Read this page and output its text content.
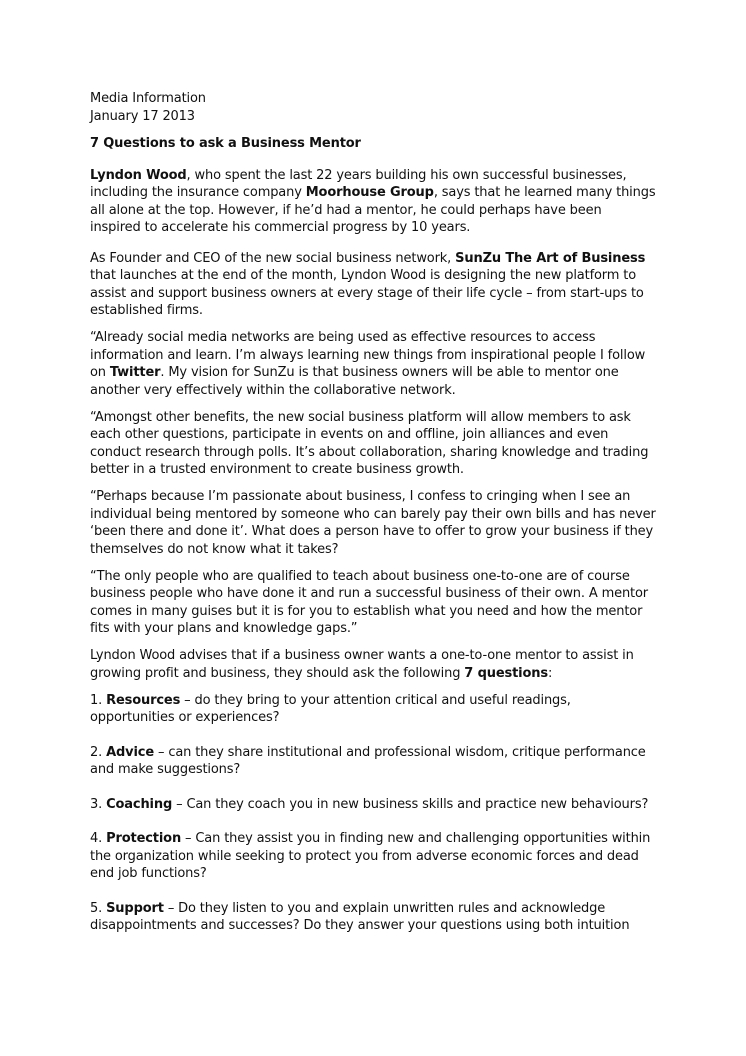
Media Information

January 17 2013

7 Questions to ask a Business Mentor

Lyndon Wood, who spent the last 22 years building his own successful businesses, including the insurance company Moorhouse Group, says that he learned many things all alone at the top. However, if he’d had a mentor, he could perhaps have been inspired to accelerate his commercial progress by 10 years.

As Founder and CEO of the new social business network, SunZu The Art of Business that launches at the end of the month, Lyndon Wood is designing the new platform to assist and support business owners at every stage of their life cycle – from start-ups to established firms.

“Already social media networks are being used as effective resources to access information and learn. I’m always learning new things from inspirational people I follow on Twitter. My vision for SunZu is that business owners will be able to mentor one another very effectively within the collaborative network.

“Amongst other benefits, the new social business platform will allow members to ask each other questions, participate in events on and offline, join alliances and even conduct research through polls. It’s about collaboration, sharing knowledge and trading better in a trusted environment to create business growth.

“Perhaps because I’m passionate about business, I confess to cringing when I see an individual being mentored by someone who can barely pay their own bills and has never ‘been there and done it’. What does a person have to offer to grow your business if they themselves do not know what it takes?

“The only people who are qualified to teach about business one-to-one are of course business people who have done it and run a successful business of their own. A mentor comes in many guises but it is for you to establish what you need and how the mentor fits with your plans and knowledge gaps.”

Lyndon Wood advises that if a business owner wants a one-to-one mentor to assist in growing profit and business, they should ask the following 7 questions:

1. Resources – do they bring to your attention critical and useful readings, opportunities or experiences?

2. Advice – can they share institutional and professional wisdom, critique performance and make suggestions?

3. Coaching – Can they coach you in new business skills and practice new behaviours?

4. Protection – Can they assist you in finding new and challenging opportunities within the organization while seeking to protect you from adverse economic forces and dead end job functions?

5. Support – Do they listen to you and explain unwritten rules and acknowledge disappointments and successes? Do they answer your questions using both intuition
